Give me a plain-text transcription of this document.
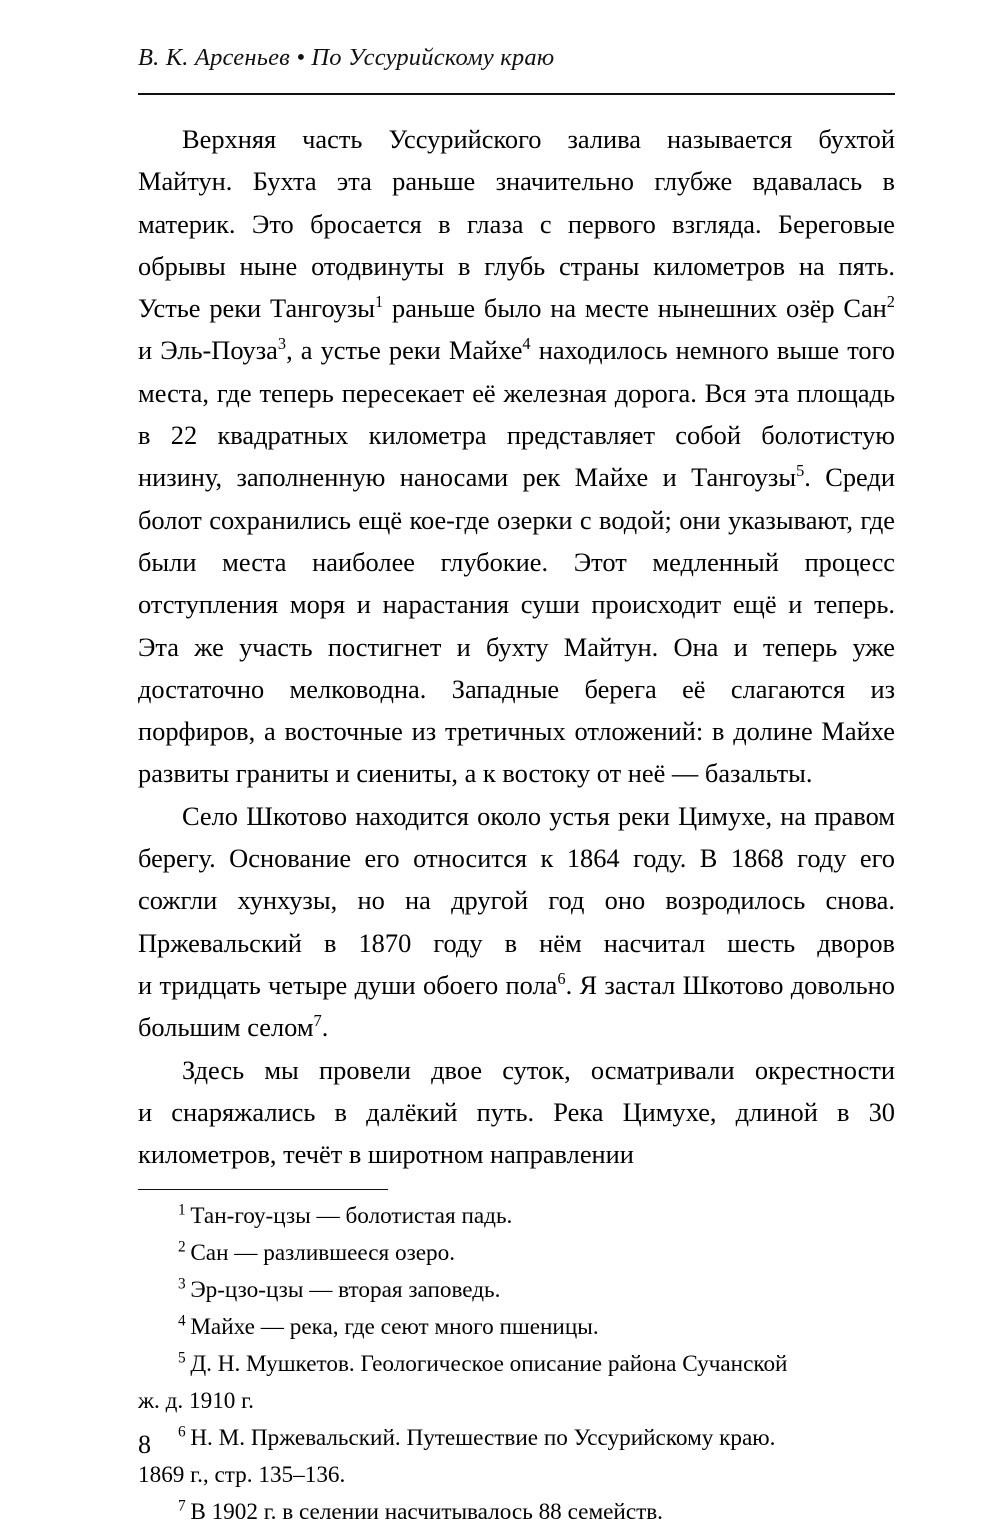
В. К. Арсеньев • По Уссурийскому краю

Верхняя часть Уссурийского залива называется бухтой Майтун. Бухта эта раньше значительно глубже вдавалась в материк. Это бросается в глаза с первого взгляда. Береговые обрывы ныне отодвинуты в глубь страны километров на пять. Устье реки Тангоузы$^1$ раньше было на месте нынешних озёр Сан$^2$ и Эль-Поуза$^3$, а устье реки Майхе$^4$ находилось немного выше того места, где теперь пересекает её железная дорога. Вся эта площадь в 22 квадратных километра представляет собой болотистую низину, заполненную наносами рек Майхе и Тангоузы$^5$. Среди болот сохранились ещё кое-где озерки с водой; они указывают, где были места наиболее глубокие. Этот медленный процесс отступления моря и нарастания суши происходит ещё и теперь. Эта же участь постигнет и бухту Майтун. Она и теперь уже достаточно мелководна. Западные берега её слагаются из порфиров, а восточные из третичных отложений: в долине Майхе развиты граниты и сиениты, а к востоку от неё — базальты.

Село Шкотово находится около устья реки Цимухе, на правом берегу. Основание его относится к 1864 году. В 1868 году его сожгли хунхузы, но на другой год оно возродилось снова. Пржевальский в 1870 году в нём насчитал шесть дворов и тридцать четыре души обоего пола$^6$. Я застал Шкотово довольно большим селом$^7$.

Здесь мы провели двое суток, осматривали окрестности и снаряжались в далёкий путь. Река Цимухе, длиной в 30 километров, течёт в широтном направлении

$^1$  Тан-гоу-цзы — болотистая падь.

$^2$  Сан — разлившееся озеро.

$^3$  Эр-цзо-цзы — вторая заповедь.

$^4$  Майхе — река, где сеют много пшеницы.

$^5$  Д. Н. Мушкетов. Геологическое описание района Сучанской

ж. д. 1910 г.

$^6$  Н. М. Пржевальский. Путешествие по Уссурийскому краю.

1869 г., стр. 135–136.

$^7$  В 1902 г. в селении насчитывалось 88 семейств.

8
